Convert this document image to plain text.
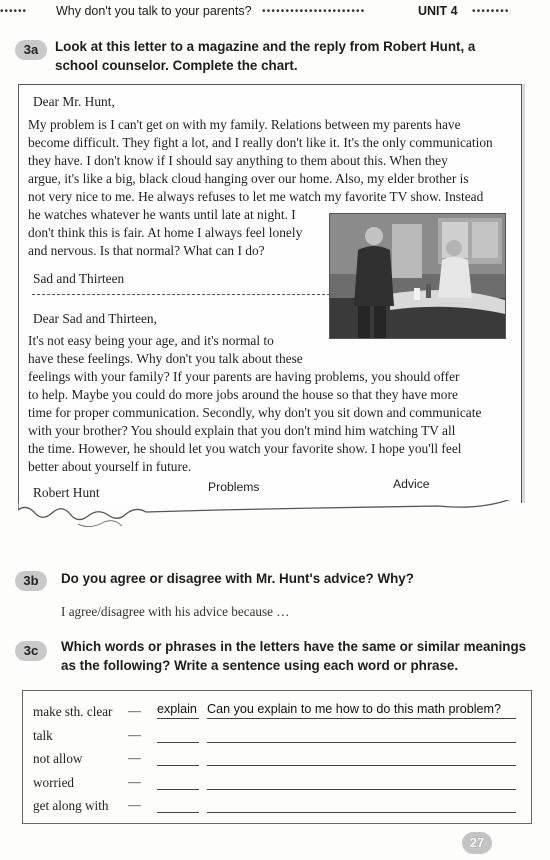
•••••• Why don't you talk to your parents? ••••••••••••••••••••••	UNIT 4 ••••••••
3a	Look at this letter to a magazine and the reply from Robert Hunt, a
school counselor. Complete the chart.
Dear Mr. Hunt,
My problem is I can't get on with my family. Relations between my parents have
become difficult. They fight a lot, and I really don't like it. It's the only communication
they have. I don't know if I should say anything to them about this. When they
argue, it's like a big, black cloud hanging over our home. Also, my elder brother is
not very nice to me. He always refuses to let me watch my favorite TV show. Instead
he watches whatever he wants until late at night. I
don't think this is fair. At home I always feel lonely
and nervous. Is that normal? What can I do?
Sad and Thirteen
Dear Sad and Thirteen,
It's not easy being your age, and it's normal to
have these feelings. Why don't you talk about these
feelings with your family? If your parents are having problems, you should offer
to help. Maybe you could do more jobs around the house so that they have more
time for proper communication. Secondly, why don't you sit down and communicate
with your brother? You should explain that you don't mind him watching TV all
the time. However, he should let you watch your favorite show. I hope you'll feel
better about yourself in future.
Robert Hunt	Problems	Advice
3b	Do you agree or disagree with Mr. Hunt's advice? Why?
I agree/disagree with his advice because …
3c	Which words or phrases in the letters have the same or similar meanings
as the following? Write a sentence using each word or phrase.
make sth. clear — explain Can you explain to me how to do this math problem?
talk	—
not allow	—
worried	—
get along with —
27
